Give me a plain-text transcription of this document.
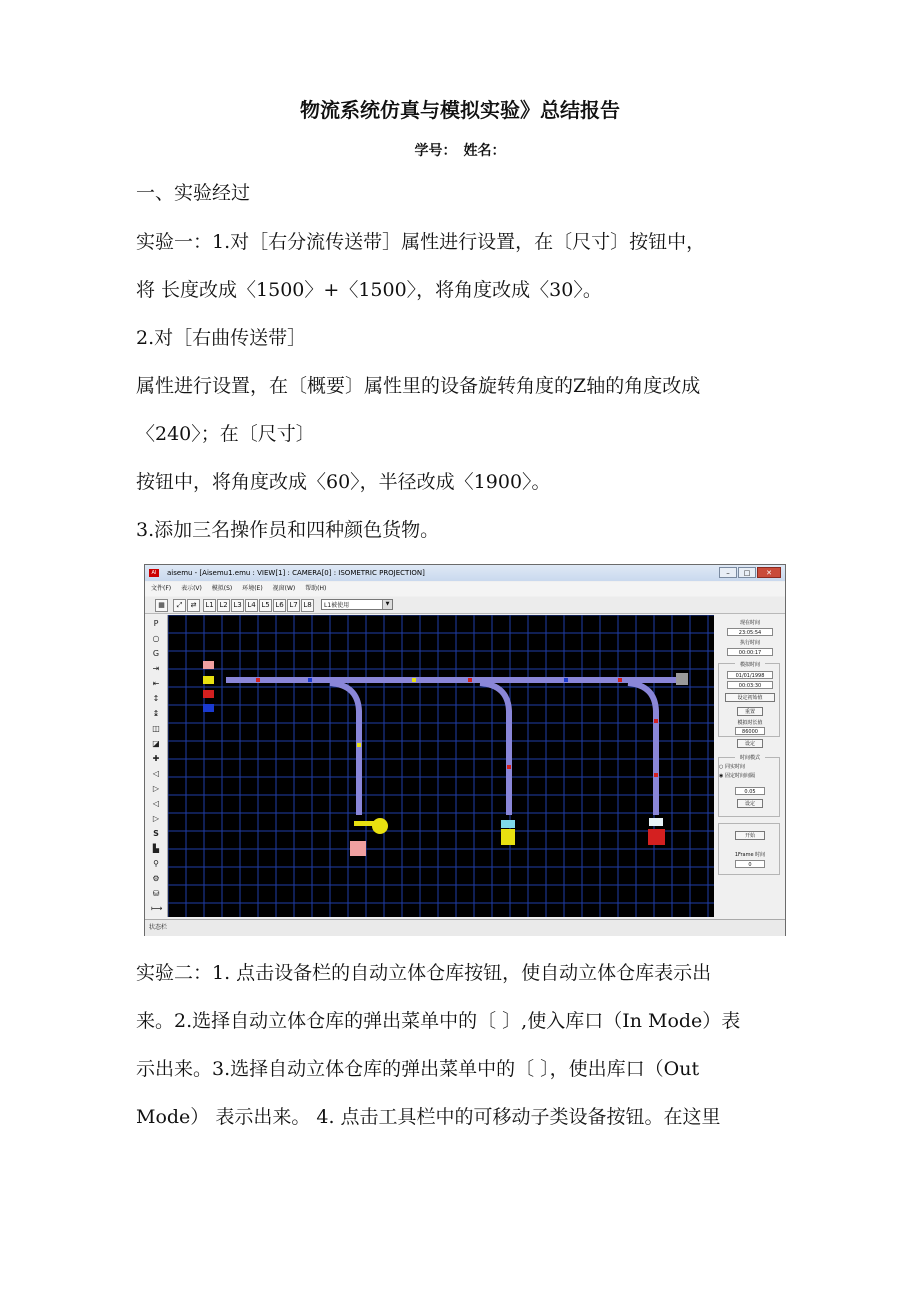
物流系统仿真与模拟实验》总结报告
学号：　姓名：
一、实验经过
实验一：1.对［右分流传送带］属性进行设置，在〔尺寸〕按钮中，
将 长度改成〈1500〉+〈1500〉，将角度改成〈30〉。
2.对［右曲传送带］
属性进行设置，在〔概要〕属性里的设备旋转角度的Z轴的角度改成
〈240〉；在〔尺寸〕
按钮中，将角度改成〈60〉，半径改成〈1900〉。
3.添加三名操作员和四种颜色货物。
AI	aisemu - [Aisemu1.emu : VIEW[1] : CAMERA[0] : ISOMETRIC PROJECTION]	–	□	✕
文件(F) 表示(V) 模拟(S) 环境(E) 视窗(W) 帮助(H)
▦	⤢	⇄	L1 L2 L3 L4 L5 L6 L7 L8	L1被使用	▼
P
○
G
⇥
⇤
↕
↨
◫
◪
✚
◁
▷
◁
▷
S
▙
⚲
⚙
⛁
⟼
现在时间
23:05:54
执行时间
00:00:17
模拟时间
01/01/1998
00:03:30
设定初始值
重置
模拟时长值
86000
设定
时间模式
○ 同实时间
◉ 固定时间间隔
0.05
设定
开始
1Frame 时间
0
状态栏
实验二：1. 点击设备栏的自动立体仓库按钮，使自动立体仓库表示出
来。2.选择自动立体仓库的弹出菜单中的〔 〕,使入库口（In Mode）表
示出来。3.选择自动立体仓库的弹出菜单中的〔 〕，使出库口（Out
Mode） 表示出来。 4. 点击工具栏中的可移动子类设备按钮。在这里
